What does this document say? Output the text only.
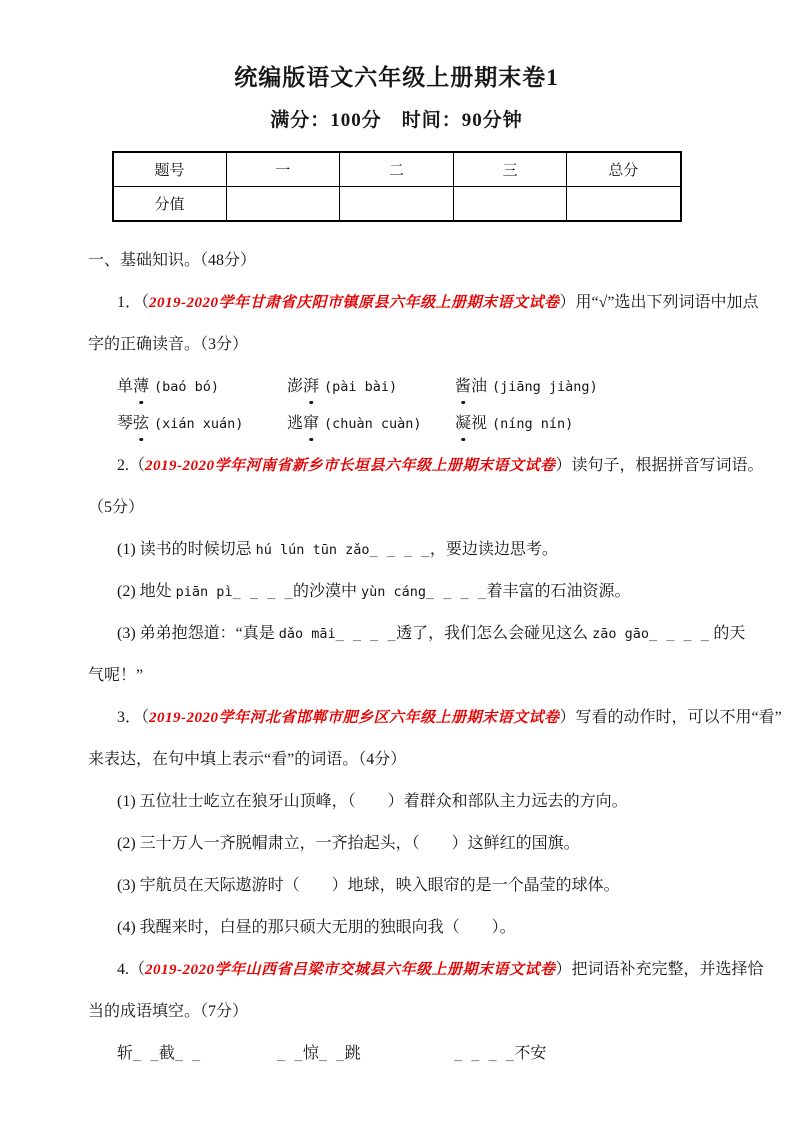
统编版语文六年级上册期末卷1
满分：100分　时间：90分钟
题号	一	二	三	总分
分值				

一、基础知识。（48分）

1．（2019-2020学年甘肃省庆阳市镇原县六年级上册期末语文试卷）用“√”选出下列词语中加点

字的正确读音。（3分）

单薄 (baó bó)	澎湃 (pài bài)	酱油 (jiāng jiàng)
琴弦 (xián xuán)	逃窜 (chuàn cuàn) 凝视 (níng nín)

2.（2019-2020学年河南省新乡市长垣县六年级上册期末语文试卷）读句子，根据拼音写词语。

（5分）

(1) 读书的时候切忌 hú lún tūn zǎo_ _ _ _，要边读边思考。
(2) 地处 piān pì_ _ _ _的沙漠中 yùn cáng_ _ _ _着丰富的石油资源。
(3) 弟弟抱怨道：“真是 dǎo māi_ _ _ _透了，我们怎么会碰见这么 zāo gāo_ _ _ _ 的天
气呢！”

3．（2019-2020学年河北省邯郸市肥乡区六年级上册期末语文试卷）写看的动作时，可以不用“看”

来表达，在句中填上表示“看”的词语。（4分）

(1) 五位壮士屹立在狼牙山顶峰，（　　）着群众和部队主力远去的方向。
(2) 三十万人一齐脱帽肃立，一齐抬起头，（　　）这鲜红的国旗。
(3) 宇航员在天际遨游时（　　）地球，映入眼帘的是一个晶莹的球体。
(4) 我醒来时，白昼的那只硕大无朋的独眼向我（　　）。

4.（2019-2020学年山西省吕梁市交城县六年级上册期末语文试卷）把词语补充完整，并选择恰

当的成语填空。（7分）

斩_ _截_ _	_ _惊_ _跳	_ _ _ _不安
